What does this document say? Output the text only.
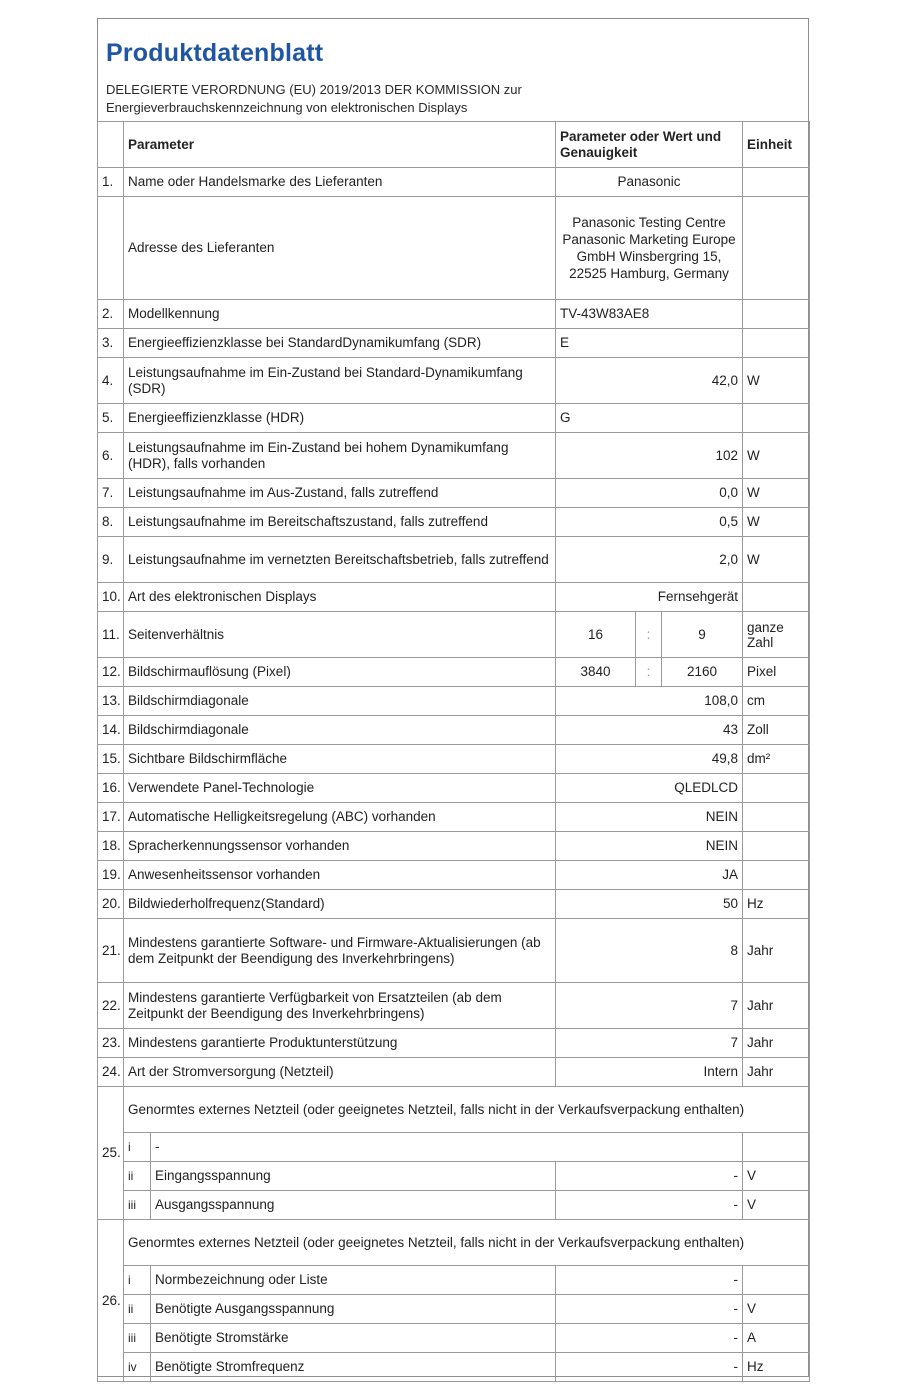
Produktdatenblatt
DELEGIERTE VERORDNUNG (EU) 2019/2013 DER KOMMISSION zur
Energieverbrauchskennzeichnung von elektronischen Displays
	Parameter		Parameter oder Wert und Genauigkeit			Einheit
1.	Name oder Handelsmarke des Lieferanten		Panasonic			
	Adresse des Lieferanten		Panasonic Testing Centre Panasonic Marketing Europe GmbH Winsbergring 15, 22525 Hamburg, Germany			
2.	Modellkennung		TV-43W83AE8			
3.	Energieeffizienzklasse bei StandardDynamikumfang (SDR)		E			
4.	Leistungsaufnahme im Ein-Zustand bei Standard-Dynamikumfang (SDR)		42,0			W
5.	Energieeffizienzklasse (HDR)		G			
6.	Leistungsaufnahme im Ein-Zustand bei hohem Dynamikumfang (HDR), falls vorhanden		102			W
7.	Leistungsaufnahme im Aus-Zustand, falls zutreffend		0,0			W
8.	Leistungsaufnahme im Bereitschaftszustand, falls zutreffend		0,5			W
9.	Leistungsaufnahme im vernetzten Bereitschaftsbetrieb, falls zutreffend		2,0			W
10.	Art des elektronischen Displays		Fernsehgerät			
11.	Seitenverhältnis		16	:	9	ganze Zahl
12.	Bildschirmauflösung (Pixel)		3840	:	2160	Pixel
13.	Bildschirmdiagonale		108,0			cm
14.	Bildschirmdiagonale		43			Zoll
15.	Sichtbare Bildschirmfläche		49,8			dm²
16.	Verwendete Panel-Technologie		QLEDLCD			
17.	Automatische Helligkeitsregelung (ABC) vorhanden		NEIN			
18.	Spracherkennungssensor vorhanden		NEIN			
19.	Anwesenheitssensor vorhanden		JA			
20.	Bildwiederholfrequenz(Standard)		50			Hz
21.	Mindestens garantierte Software- und Firmware-Aktualisierungen (ab dem Zeitpunkt der Beendigung des Inverkehrbringens)		8			Jahr
22.	Mindestens garantierte Verfügbarkeit von Ersatzteilen (ab dem Zeitpunkt der Beendigung des Inverkehrbringens)		7			Jahr
23.	Mindestens garantierte Produktunterstützung		7			Jahr
24.	Art der Stromversorgung (Netzteil)		Intern			Jahr
25.	Genormtes externes Netzteil (oder geeignetes Netzteil, falls nicht in der Verkaufsverpackung enthalten)					
	i	-				
	ii	Eingangsspannung	-			V
	iii	Ausgangsspannung	-			V
26.	Genormtes externes Netzteil (oder geeignetes Netzteil, falls nicht in der Verkaufsverpackung enthalten)					
	i	Normbezeichnung oder Liste	-			
	ii	Benötigte Ausgangsspannung	-			V
	iii	Benötigte Stromstärke	-			A
	iv	Benötigte Stromfrequenz	-			Hz
